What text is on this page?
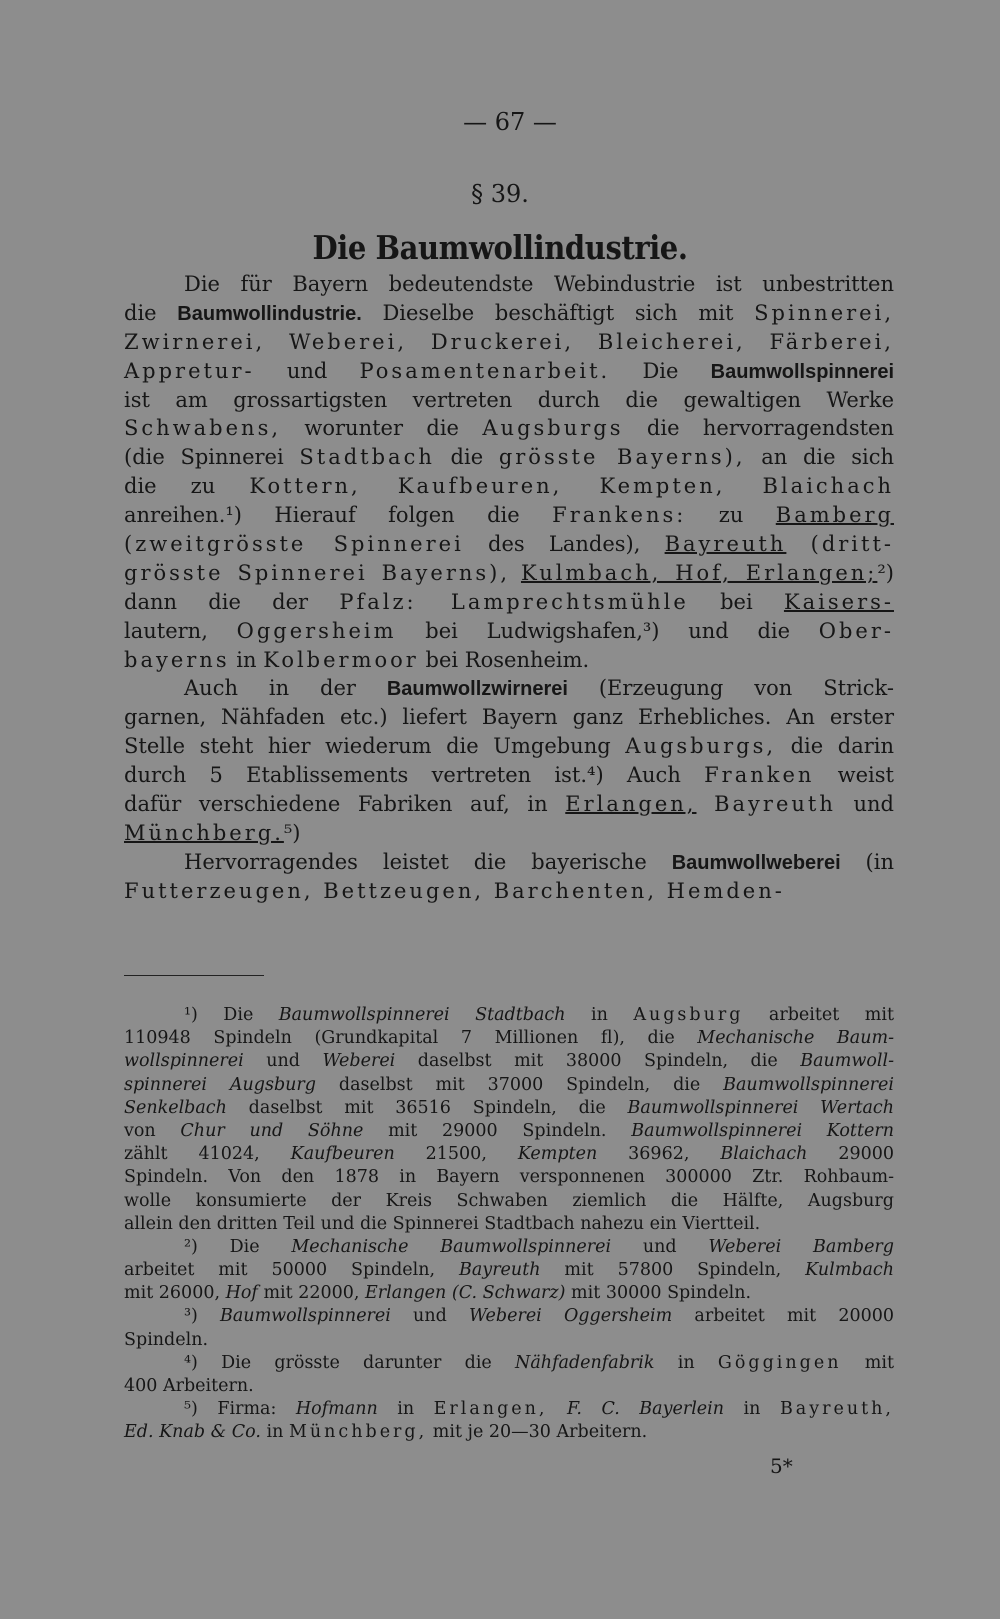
— 67 —
§ 39.
Die Baumwollindustrie.
Die für Bayern bedeutendste Webindustrie ist unbestritten
die Baumwollindustrie. Dieselbe beschäftigt sich mit Spinnerei,
Zwirnerei, Weberei, Druckerei, Bleicherei, Färberei,
Appretur- und Posamentenarbeit. Die Baumwollspinnerei
ist am grossartigsten vertreten durch die gewaltigen Werke
Schwabens, worunter die Augsburgs die hervorragendsten
(die Spinnerei Stadtbach die grösste Bayerns), an die sich
die zu Kottern, Kaufbeuren, Kempten, Blaichach
anreihen.¹) Hierauf folgen die Frankens: zu Bamberg
(zweitgrösste Spinnerei des Landes), Bayreuth (dritt-
grösste Spinnerei Bayerns), Kulmbach, Hof, Erlangen;²)
dann die der Pfalz: Lamprechtsmühle bei Kaisers-
lautern, Oggersheim bei Ludwigshafen,³) und die Ober-
bayerns in Kolbermoor bei Rosenheim.
Auch in der Baumwollzwirnerei (Erzeugung von Strick-
garnen, Nähfaden etc.) liefert Bayern ganz Erhebliches. An erster
Stelle steht hier wiederum die Umgebung Augsburgs, die darin
durch 5 Etablissements vertreten ist.⁴) Auch Franken weist
dafür verschiedene Fabriken auf, in Erlangen, Bayreuth und
Münchberg.⁵)
Hervorragendes leistet die bayerische Baumwollweberei (in
Futterzeugen, Bettzeugen, Barchenten, Hemden-
¹) Die Baumwollspinnerei Stadtbach in Augsburg arbeitet mit
110948 Spindeln (Grundkapital 7 Millionen fl), die Mechanische Baum-
wollspinnerei und Weberei daselbst mit 38000 Spindeln, die Baumwoll-
spinnerei Augsburg daselbst mit 37000 Spindeln, die Baumwollspinnerei
Senkelbach daselbst mit 36516 Spindeln, die Baumwollspinnerei Wertach
von Chur und Söhne mit 29000 Spindeln. Baumwollspinnerei Kottern
zählt 41024, Kaufbeuren 21500, Kempten 36962, Blaichach 29000
Spindeln. Von den 1878 in Bayern versponnenen 300000 Ztr. Rohbaum-
wolle konsumierte der Kreis Schwaben ziemlich die Hälfte, Augsburg
allein den dritten Teil und die Spinnerei Stadtbach nahezu ein Viertteil.
²) Die Mechanische Baumwollspinnerei und Weberei Bamberg
arbeitet mit 50000 Spindeln, Bayreuth mit 57800 Spindeln, Kulmbach
mit 26000, Hof mit 22000, Erlangen (C. Schwarz) mit 30000 Spindeln.
³) Baumwollspinnerei und Weberei Oggersheim arbeitet mit 20000
Spindeln.
⁴) Die grösste darunter die Nähfadenfabrik in Göggingen mit
400 Arbeitern.
⁵) Firma: Hofmann in Erlangen, F. C. Bayerlein in Bayreuth,
Ed. Knab & Co. in Münchberg, mit je 20—30 Arbeitern.
5*
